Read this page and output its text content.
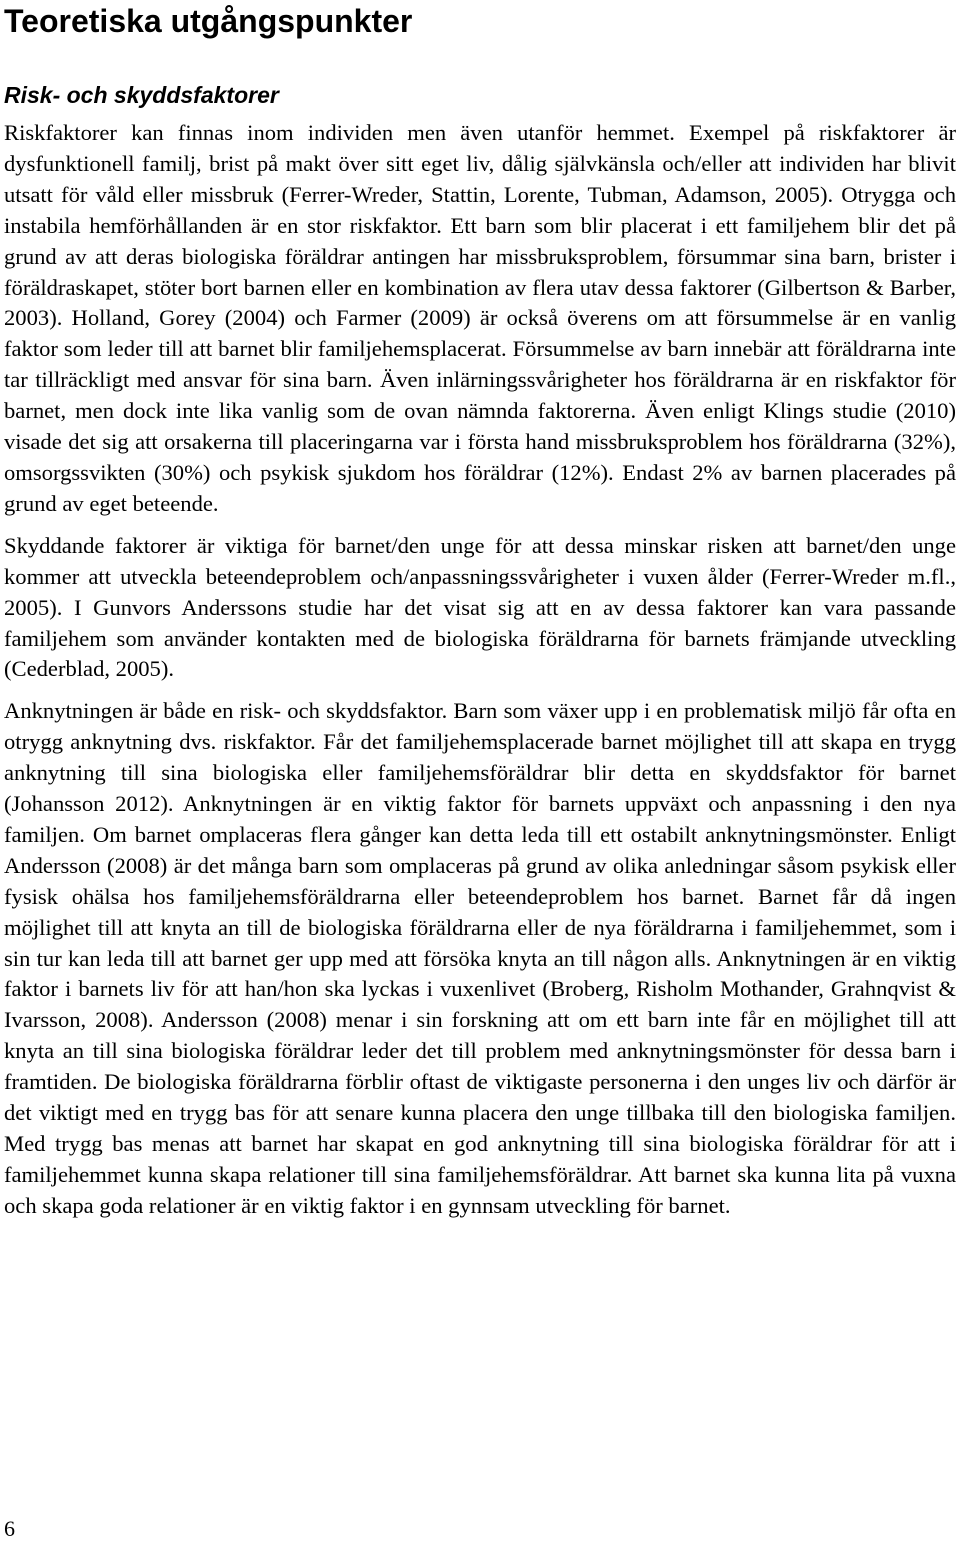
Teoretiska utgångspunkter
Risk- och skyddsfaktorer

Riskfaktorer kan finnas inom individen men även utanför hemmet. Exempel på riskfaktorer är dysfunktionell familj, brist på makt över sitt eget liv, dålig självkänsla och/eller att individen har blivit utsatt för våld eller missbruk (Ferrer-Wreder, Stattin, Lorente, Tubman, Adamson, 2005). Otrygga och instabila hemförhållanden är en stor riskfaktor. Ett barn som blir placerat i ett familjehem blir det på grund av att deras biologiska föräldrar antingen har missbruksproblem, försummar sina barn, brister i föräldraskapet, stöter bort barnen eller en kombination av flera utav dessa faktorer (Gilbertson & Barber, 2003). Holland, Gorey (2004) och Farmer (2009) är också överens om att försummelse är en vanlig faktor som leder till att barnet blir familjehemsplacerat. Försummelse av barn innebär att föräldrarna inte tar tillräckligt med ansvar för sina barn. Även inlärningssvårigheter hos föräldrarna är en riskfaktor för barnet, men dock inte lika vanlig som de ovan nämnda faktorerna. Även enligt Klings studie (2010) visade det sig att orsakerna till placeringarna var i första hand missbruksproblem hos föräldrarna (32%), omsorgssvikten (30%) och psykisk sjukdom hos föräldrar (12%). Endast 2% av barnen placerades på grund av eget beteende.

Skyddande faktorer är viktiga för barnet/den unge för att dessa minskar risken att barnet/den unge kommer att utveckla beteendeproblem och/anpassningssvårigheter i vuxen ålder (Ferrer-Wreder m.fl., 2005). I Gunvors Anderssons studie har det visat sig att en av dessa faktorer kan vara passande familjehem som använder kontakten med de biologiska föräldrarna för barnets främjande utveckling (Cederblad, 2005).

Anknytningen är både en risk- och skyddsfaktor. Barn som växer upp i en problematisk miljö får ofta en otrygg anknytning dvs. riskfaktor. Får det familjehemsplacerade barnet möjlighet till att skapa en trygg anknytning till sina biologiska eller familjehemsföräldrar blir detta en skyddsfaktor för barnet (Johansson 2012). Anknytningen är en viktig faktor för barnets uppväxt och anpassning i den nya familjen. Om barnet omplaceras flera gånger kan detta leda till ett ostabilt anknytningsmönster. Enligt Andersson (2008) är det många barn som omplaceras på grund av olika anledningar såsom psykisk eller fysisk ohälsa hos familjehemsföräldrarna eller beteendeproblem hos barnet. Barnet får då ingen möjlighet till att knyta an till de biologiska föräldrarna eller de nya föräldrarna i familjehemmet, som i sin tur kan leda till att barnet ger upp med att försöka knyta an till någon alls. Anknytningen är en viktig faktor i barnets liv för att han/hon ska lyckas i vuxenlivet (Broberg, Risholm Mothander, Grahnqvist & Ivarsson, 2008). Andersson (2008) menar i sin forskning att om ett barn inte får en möjlighet till att knyta an till sina biologiska föräldrar leder det till problem med anknytningsmönster för dessa barn i framtiden. De biologiska föräldrarna förblir oftast de viktigaste personerna i den unges liv och därför är det viktigt med en trygg bas för att senare kunna placera den unge tillbaka till den biologiska familjen. Med trygg bas menas att barnet har skapat en god anknytning till sina biologiska föräldrar för att i familjehemmet kunna skapa relationer till sina familjehemsföräldrar. Att barnet ska kunna lita på vuxna och skapa goda relationer är en viktig faktor i en gynnsam utveckling för barnet.

6
